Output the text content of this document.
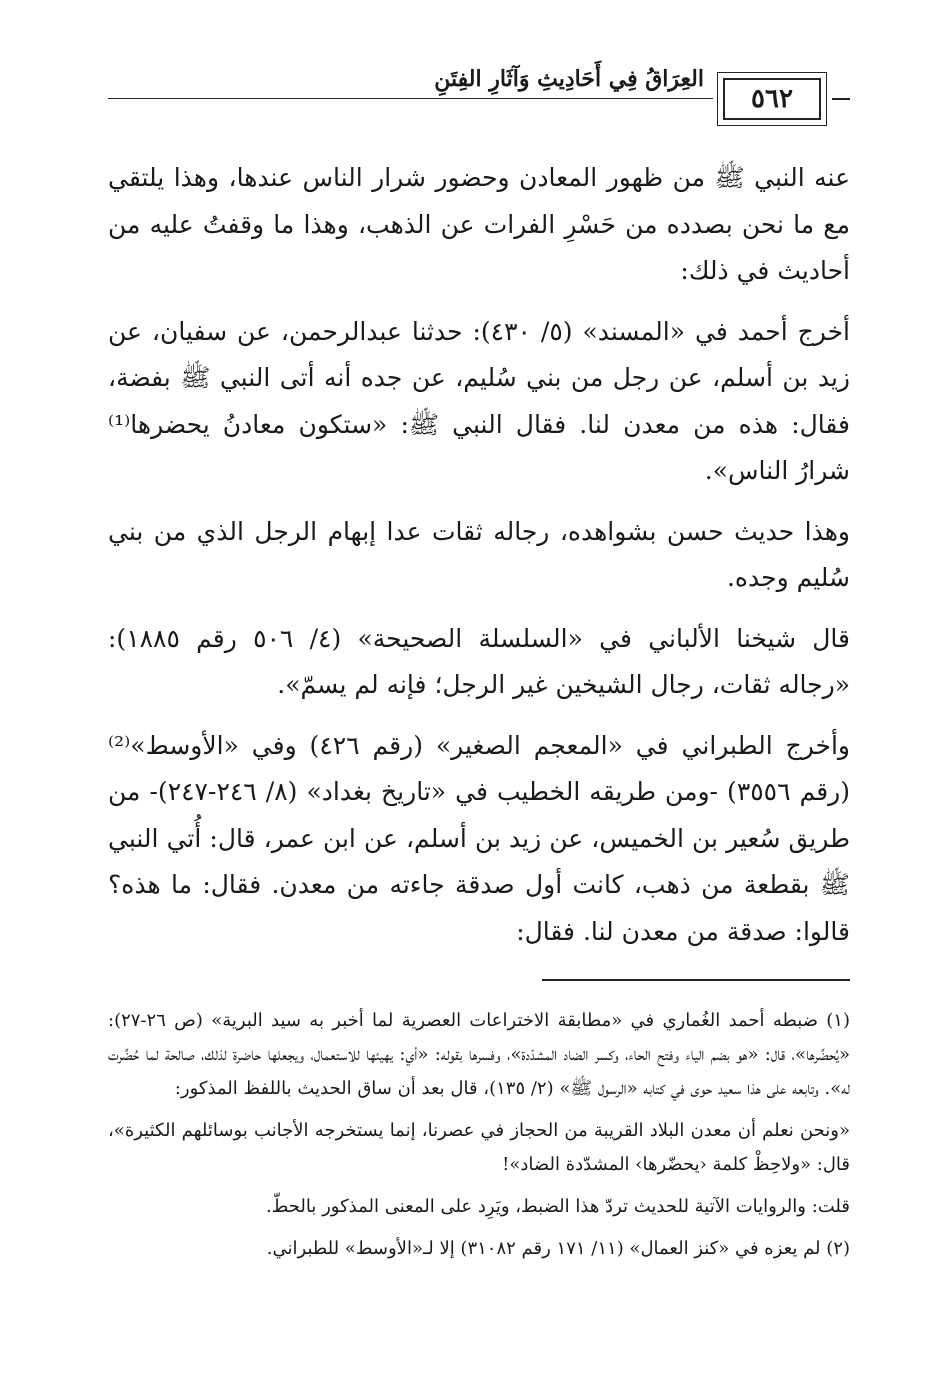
٥٦٢
العِرَاقُ فِي أَحَادِيثِ وَآثَارِ الفِتَنِ

عنه النبي ﷺ من ظهور المعادن وحضور شرار الناس عندها، وهذا يلتقي مع ما نحن بصدده من حَسْرِ الفرات عن الذهب، وهذا ما وقفتُ عليه من أحاديث في ذلك:

أخرج أحمد في «المسند» (٥/ ٤٣٠): حدثنا عبدالرحمن، عن سفيان، عن زيد بن أسلم، عن رجل من بني سُليم، عن جده أنه أتى النبي ﷺ بفضة، فقال: هذه من معدن لنا. فقال النبي ﷺ: «ستكون معادنُ يحضرها⁽¹⁾ شرارُ الناس».

وهذا حديث حسن بشواهده، رجاله ثقات عدا إبهام الرجل الذي من بني سُليم وجده.

قال شيخنا الألباني في «السلسلة الصحيحة» (٤/ ٥٠٦ رقم ١٨٨٥): «رجاله ثقات، رجال الشيخين غير الرجل؛ فإنه لم يسمّ».

وأخرج الطبراني في «المعجم الصغير» (رقم ٤٢٦) وفي «الأوسط»⁽²⁾ (رقم ٣٥٥٦) -ومن طريقه الخطيب في «تاريخ بغداد» (٨/ ٢٤٦-٢٤٧)- من طريق سُعير بن الخميس، عن زيد بن أسلم، عن ابن عمر، قال: أُتي النبي ﷺ بقطعة من ذهب، كانت أول صدقة جاءته من معدن. فقال: ما هذه؟ قالوا: صدقة من معدن لنا. فقال:

(١) ضبطه أحمد الغُماري في «مطابقة الاختراعات العصرية لما أخبر به سيد البرية» (ص ٢٦-٢٧): «يُحضِّرها»، قال: «هو بضم الياء وفتح الحاء، وكسر الضاد المشدّدة»، وفسرها بقوله: «أي: يهيئها للاستعمال، ويجعلها حاضرة لذلك، صالحة لما حُضِّرت له». وتابعه على هذا سعيد حوى في كتابه «الرسول ﷺ» (٢/ ١٣٥)، قال بعد أن ساق الحديث باللفظ المذكور:

«ونحن نعلم أن معدن البلاد القريبة من الحجاز في عصرنا، إنما يستخرجه الأجانب بوسائلهم الكثيرة»، قال: «ولاحِظْ كلمة ‹يحضّرها› المشدّدة الضاد»!

قلت: والروايات الآتية للحديث تردّ هذا الضبط، ويَرِد على المعنى المذكور بالحطّ.

(٢) لم يعزه في «كنز العمال» (١١/ ١٧١ رقم ٣١٠٨٢) إلا لـ«الأوسط» للطبراني.
